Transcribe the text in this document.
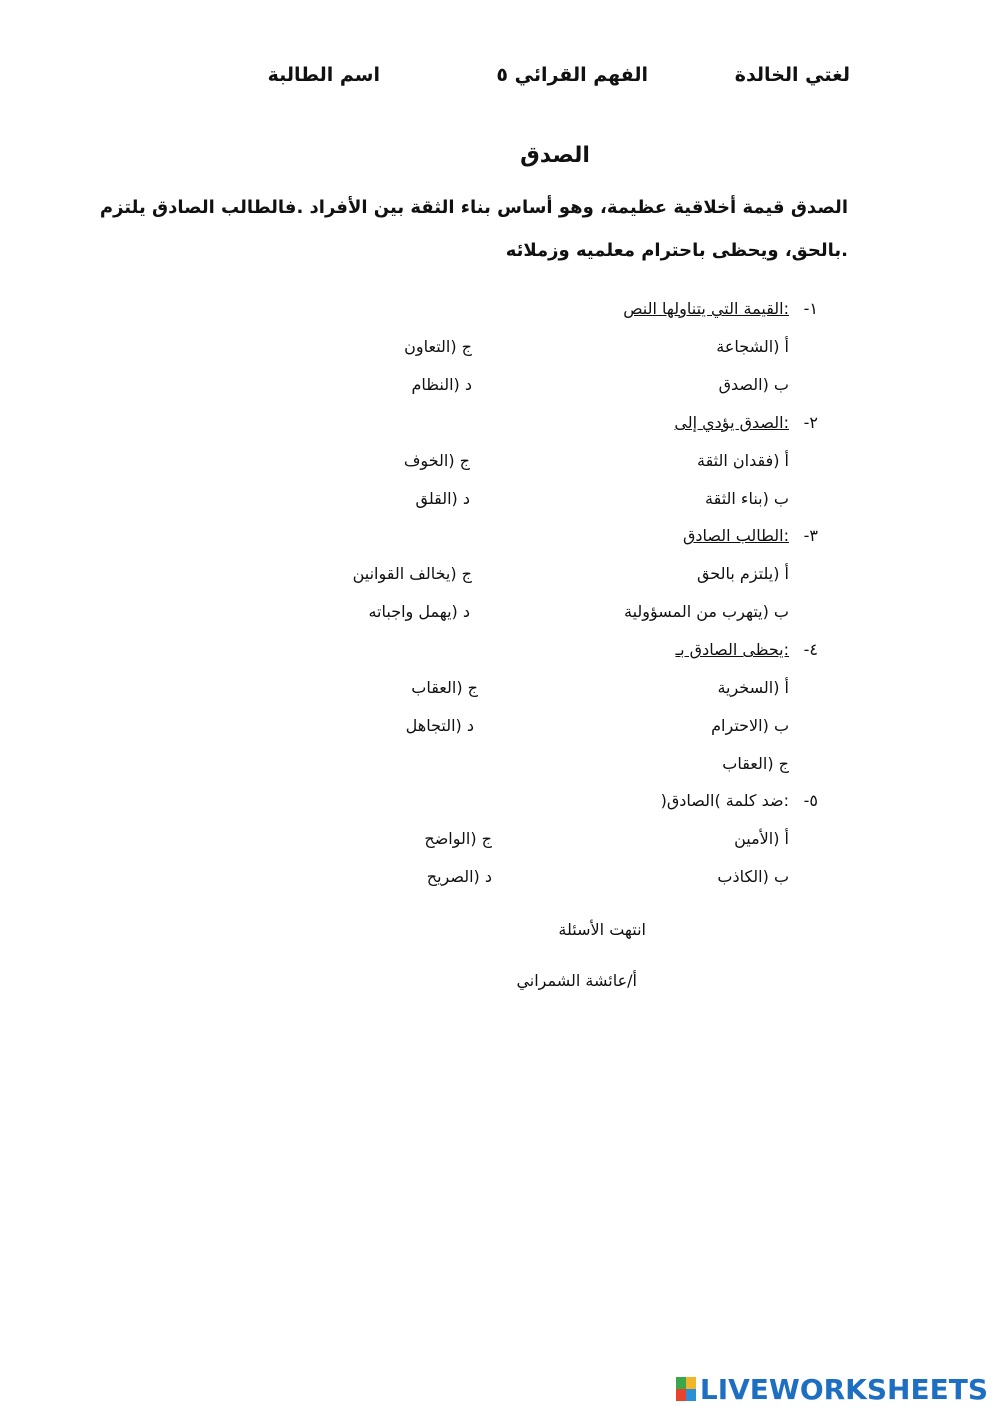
لغتي الخالدة
الفهم القرائي ٥
اسم الطالبة
الصدق
الصدق قيمة أخلاقية عظيمة، وهو أساس بناء الثقة بين الأفراد .فالطالب الصادق يلتزم
.بالحق، ويحظى باحترام معلميه وزملائه
-١
:القيمة التي يتناولها النص
أ (الشجاعة
ج (التعاون
ب (الصدق
د (النظام
-٢
:الصدق يؤدي إلى
أ (فقدان الثقة
ج (الخوف
ب (بناء الثقة
د (القلق
-٣
:الطالب الصادق
أ (يلتزم بالحق
ج (يخالف القوانين
ب (يتهرب من المسؤولية
د (يهمل واجباته
-٤
:يحظى الصادق بـ
أ (السخرية
ج (العقاب
ب (الاحترام
د (التجاهل
ج (العقاب
-٥
:ضد كلمة )الصادق(
أ (الأمين
ج (الواضح
ب (الكاذب
د (الصريح
انتهت الأسئلة
أ/عائشة الشمراني
LIVEWORKSHEETS
